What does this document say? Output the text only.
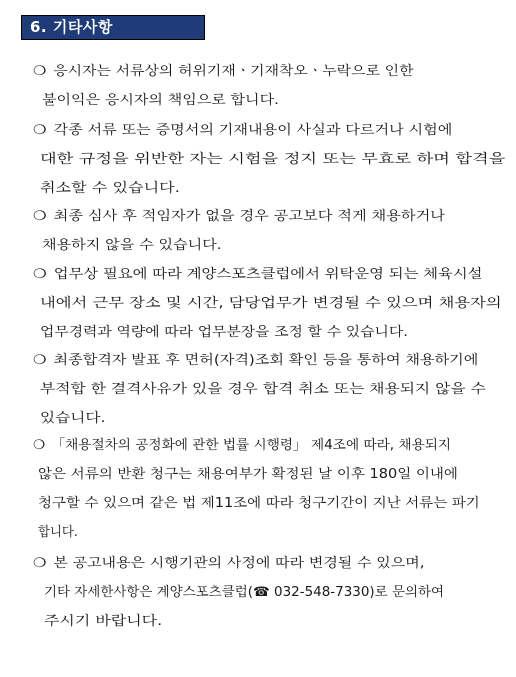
6. 기타사항
❍ 응시자는 서류상의 허위기재ㆍ기재착오ㆍ누락으로 인한
불이익은 응시자의 책임으로 합니다.
❍ 각종 서류 또는 증명서의 기재내용이 사실과 다르거나 시험에
대한 규정을 위반한 자는 시험을 정지 또는 무효로 하며 합격을
취소할 수 있습니다.
❍ 최종 심사 후 적임자가 없을 경우 공고보다 적게 채용하거나
채용하지 않을 수 있습니다.
❍ 업무상 필요에 따라 계양스포츠클럽에서 위탁운영 되는 체육시설
내에서 근무 장소 및 시간, 담당업무가 변경될 수 있으며 채용자의
업무경력과 역량에 따라 업무분장을 조정 할 수 있습니다.
❍ 최종합격자 발표 후 면허(자격)조회 확인 등을 통하여 채용하기에
부적합 한 결격사유가 있을 경우 합격 취소 또는 채용되지 않을 수
있습니다.
❍ 「채용절차의 공정화에 관한 법률 시행령」 제4조에 따라, 채용되지
않은 서류의 반환 청구는 채용여부가 확정된 날 이후 180일 이내에
청구할 수 있으며 같은 법 제11조에 따라 청구기간이 지난 서류는 파기
합니다.
❍ 본 공고내용은 시행기관의 사정에 따라 변경될 수 있으며,
기타 자세한사항은 계양스포츠클럽(☎ 032-548-7330)로 문의하여
주시기 바랍니다.
